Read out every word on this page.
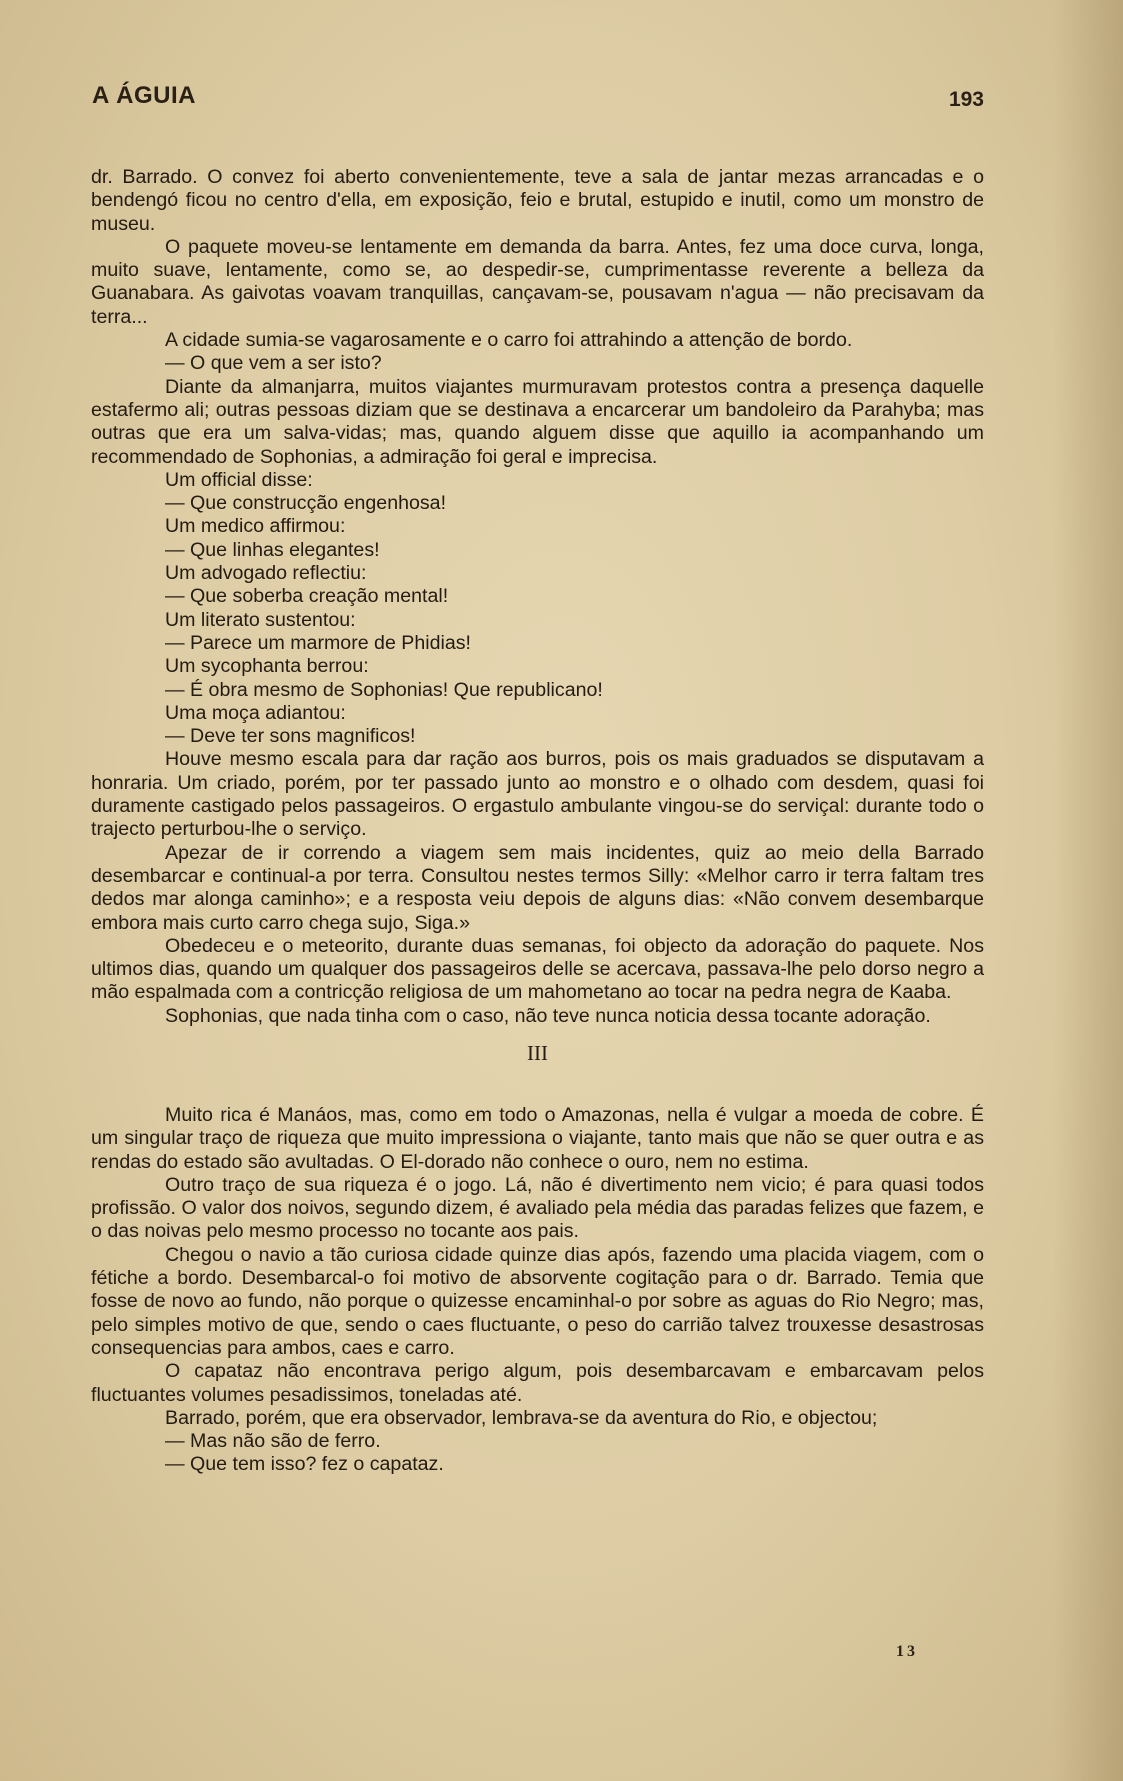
A ÁGUIA	193

dr. Barrado. O convez foi aberto convenientemente, teve a sala de jantar mezas arrancadas e o bendengó ficou no centro d'ella, em exposição, feio e brutal, estupido e inutil, como um monstro de museu.

O paquete moveu-se lentamente em demanda da barra. Antes, fez uma doce curva, longa, muito suave, lentamente, como se, ao despedir-se, cumprimentasse reverente a belleza da Guanabara. As gaivotas voavam tranquillas, cançavam-se, pousavam n'agua — não precisavam da terra...

A cidade sumia-se vagarosamente e o carro foi attrahindo a attenção de bordo.

— O que vem a ser isto?

Diante da almanjarra, muitos viajantes murmuravam protestos contra a presença daquelle estafermo ali; outras pessoas diziam que se destinava a encarcerar um bandoleiro da Parahyba; mas outras que era um salva-vidas; mas, quando alguem disse que aquillo ia acompanhando um recommendado de Sophonias, a admiração foi geral e imprecisa.

Um official disse:

— Que construcção engenhosa!

Um medico affirmou:

— Que linhas elegantes!

Um advogado reflectiu:

— Que soberba creação mental!

Um literato sustentou:

— Parece um marmore de Phidias!

Um sycophanta berrou:

— É obra mesmo de Sophonias! Que republicano!

Uma moça adiantou:

— Deve ter sons magnificos!

Houve mesmo escala para dar ração aos burros, pois os mais graduados se disputavam a honraria. Um criado, porém, por ter passado junto ao monstro e o olhado com desdem, quasi foi duramente castigado pelos passageiros. O ergastulo ambulante vingou-se do serviçal: durante todo o trajecto perturbou-lhe o serviço.

Apezar de ir correndo a viagem sem mais incidentes, quiz ao meio della Barrado desembarcar e continual-a por terra. Consultou nestes termos Silly: «Melhor carro ir terra faltam tres dedos mar alonga caminho»; e a resposta veiu depois de alguns dias: «Não convem desembarque embora mais curto carro chega sujo, Siga.»

Obedeceu e o meteorito, durante duas semanas, foi objecto da adoração do paquete. Nos ultimos dias, quando um qualquer dos passageiros delle se acercava, passava-lhe pelo dorso negro a mão espalmada com a contricção religiosa de um mahometano ao tocar na pedra negra de Kaaba.

Sophonias, que nada tinha com o caso, não teve nunca noticia dessa tocante adoração.

III

Muito rica é Manáos, mas, como em todo o Amazonas, nella é vulgar a moeda de cobre. É um singular traço de riqueza que muito impressiona o viajante, tanto mais que não se quer outra e as rendas do estado são avultadas. O El-dorado não conhece o ouro, nem no estima.

Outro traço de sua riqueza é o jogo. Lá, não é divertimento nem vicio; é para quasi todos profissão. O valor dos noivos, segundo dizem, é avaliado pela média das paradas felizes que fazem, e o das noivas pelo mesmo processo no tocante aos pais.

Chegou o navio a tão curiosa cidade quinze dias após, fazendo uma placida viagem, com o fétiche a bordo. Desembarcal-o foi motivo de absorvente cogitação para o dr. Barrado. Temia que fosse de novo ao fundo, não porque o quizesse encaminhal-o por sobre as aguas do Rio Negro; mas, pelo simples motivo de que, sendo o caes fluctuante, o peso do carrião talvez trouxesse desastrosas consequencias para ambos, caes e carro.

O capataz não encontrava perigo algum, pois desembarcavam e embarcavam pelos fluctuantes volumes pesadissimos, toneladas até.

Barrado, porém, que era observador, lembrava-se da aventura do Rio, e objectou;

— Mas não são de ferro.

— Que tem isso? fez o capataz.

13
